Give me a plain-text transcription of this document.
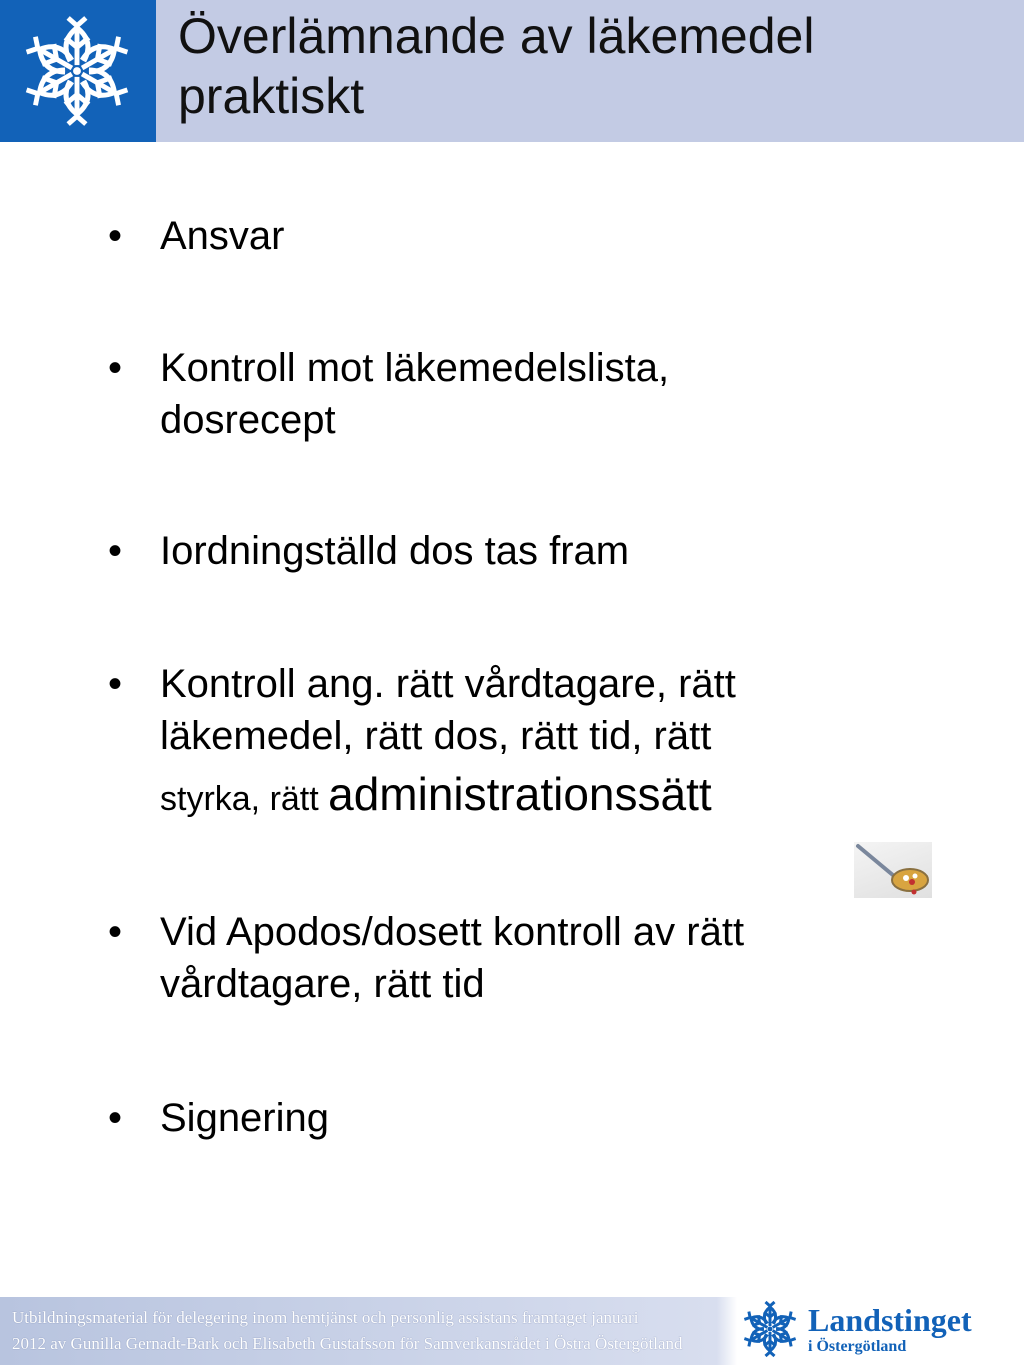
Överlämnande av läkemedel
praktiskt
• Ansvar
• Kontroll mot läkemedelslista,
dosrecept
• Iordningställd dos tas fram
• Kontroll ang. rätt vårdtagare, rätt
läkemedel, rätt dos, rätt tid, rätt
styrka, rätt administrationssätt
• Vid Apodos/dosett kontroll av rätt
vårdtagare, rätt tid
• Signering
Utbildningsmaterial för delegering inom hemtjänst och personlig assistans framtaget januari
2012 av Gunilla Gernadt-Bark och Elisabeth Gustafsson för Samverkansrådet i Östra Östergötland
Landstinget
i Östergötland
